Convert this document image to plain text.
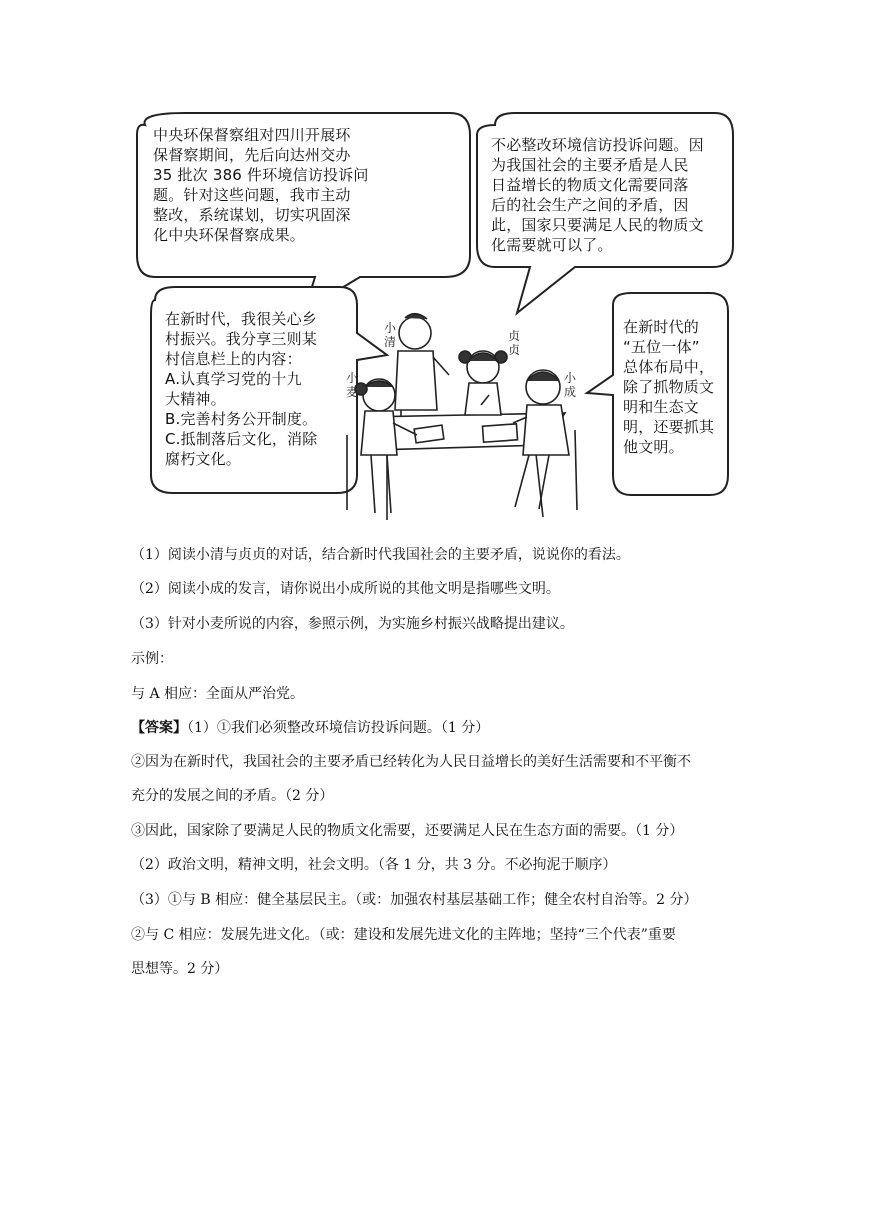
中央环保督察组对四川开展环
保督察期间，先后向达州交办
35 批次 386 件环境信访投诉问
题。针对这些问题，我市主动
整改，系统谋划，切实巩固深
化中央环保督察成果。
不必整改环境信访投诉问题。因
为我国社会的主要矛盾是人民
日益增长的物质文化需要同落
后的社会生产之间的矛盾，因
此，国家只要满足人民的物质文
化需要就可以了。
在新时代，我很关心乡
村振兴。我分享三则某
村信息栏上的内容：
A.认真学习党的十九
大精神。
B.完善村务公开制度。
C.抵制落后文化，消除
腐朽文化。
在新时代的
“五位一体”
总体布局中，
除了抓物质文
明和生态文
明，还要抓其
他文明。
小清	贞贞
小麦
小成
（1）阅读小清与贞贞的对话，结合新时代我国社会的主要矛盾，说说你的看法。
（2）阅读小成的发言，请你说出小成所说的其他文明是指哪些文明。
（3）针对小麦所说的内容，参照示例，为实施乡村振兴战略提出建议。
示例：
与 A 相应：全面从严治党。
【答案】（1）①我们必须整改环境信访投诉问题。（1 分）
②因为在新时代，我国社会的主要矛盾已经转化为人民日益增长的美好生活需要和不平衡不
充分的发展之间的矛盾。（2 分）
③因此，国家除了要满足人民的物质文化需要，还要满足人民在生态方面的需要。（1 分）
（2）政治文明，精神文明，社会文明。（各 1 分，共 3 分。不必拘泥于顺序）
（3）①与 B 相应：健全基层民主。（或：加强农村基层基础工作；健全农村自治等。2 分）
②与 C 相应：发展先进文化。（或：建设和发展先进文化的主阵地；坚持“三个代表”重要
思想等。2 分）
